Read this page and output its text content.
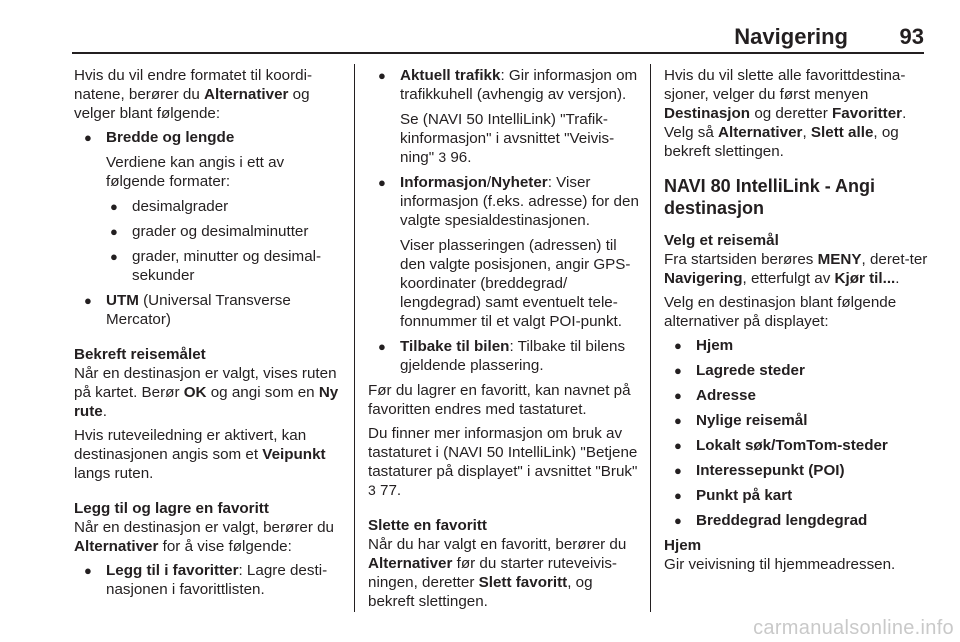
Navigering 93

Hvis du vil endre formatet til koordi-natene, berører du Alternativer og velger blant følgende:

● Bredde og lengde

Verdiene kan angis i ett av følgende formater:

● desimalgrader
● grader og desimalminutter
● grader, minutter og desimal-sekunder
● UTM (Universal Transverse Mercator)
Bekreft reisemålet

Når en destinasjon er valgt, vises ruten på kartet. Berør OK og angi som en Ny rute.

Hvis ruteveiledning er aktivert, kan destinasjonen angis som et Veipunkt langs ruten.

Legg til og lagre en favoritt

Når en destinasjon er valgt, berører du Alternativer for å vise følgende:

● Legg til i favoritter: Lagre desti-nasjonen i favorittlisten.
● Aktuell trafikk: Gir informasjon om trafikkuhell (avhengig av versjon).

Se (NAVI 50 IntelliLink) "Trafik-kinformasjon" i avsnittet "Veivis-ning" 3 96.

● Informasjon/Nyheter: Viser informasjon (f.eks. adresse) for den valgte spesialdestinasjonen.

Viser plasseringen (adressen) til den valgte posisjonen, angir GPS-koordinater (breddegrad/ lengdegrad) samt eventuelt tele-fonnummer til et valgt POI-punkt.

● Tilbake til bilen: Tilbake til bilens gjeldende plassering.

Før du lagrer en favoritt, kan navnet på favoritten endres med tastaturet.

Du finner mer informasjon om bruk av tastaturet i (NAVI 50 IntelliLink) "Betjene tastaturer på displayet" i avsnittet "Bruk" 3 77.

Slette en favoritt

Når du har valgt en favoritt, berører du Alternativer før du starter ruteveivis-ningen, deretter Slett favoritt, og bekreft slettingen.

Hvis du vil slette alle favorittdestina-sjoner, velger du først menyen Destinasjon og deretter Favoritter. Velg så Alternativer, Slett alle, og bekreft slettingen.

NAVI 80 IntelliLink - Angi destinasjon
Velg et reisemål

Fra startsiden berøres MENY, deret-ter Navigering, etterfulgt av Kjør til....

Velg en destinasjon blant følgende alternativer på displayet:

● Hjem
● Lagrede steder
● Adresse
● Nylige reisemål
● Lokalt søk/TomTom-steder
● Interessepunkt (POI)
● Punkt på kart
● Breddegrad lengdegrad
Hjem

Gir veivisning til hjemmeadressen.

carmanualsonline.info
